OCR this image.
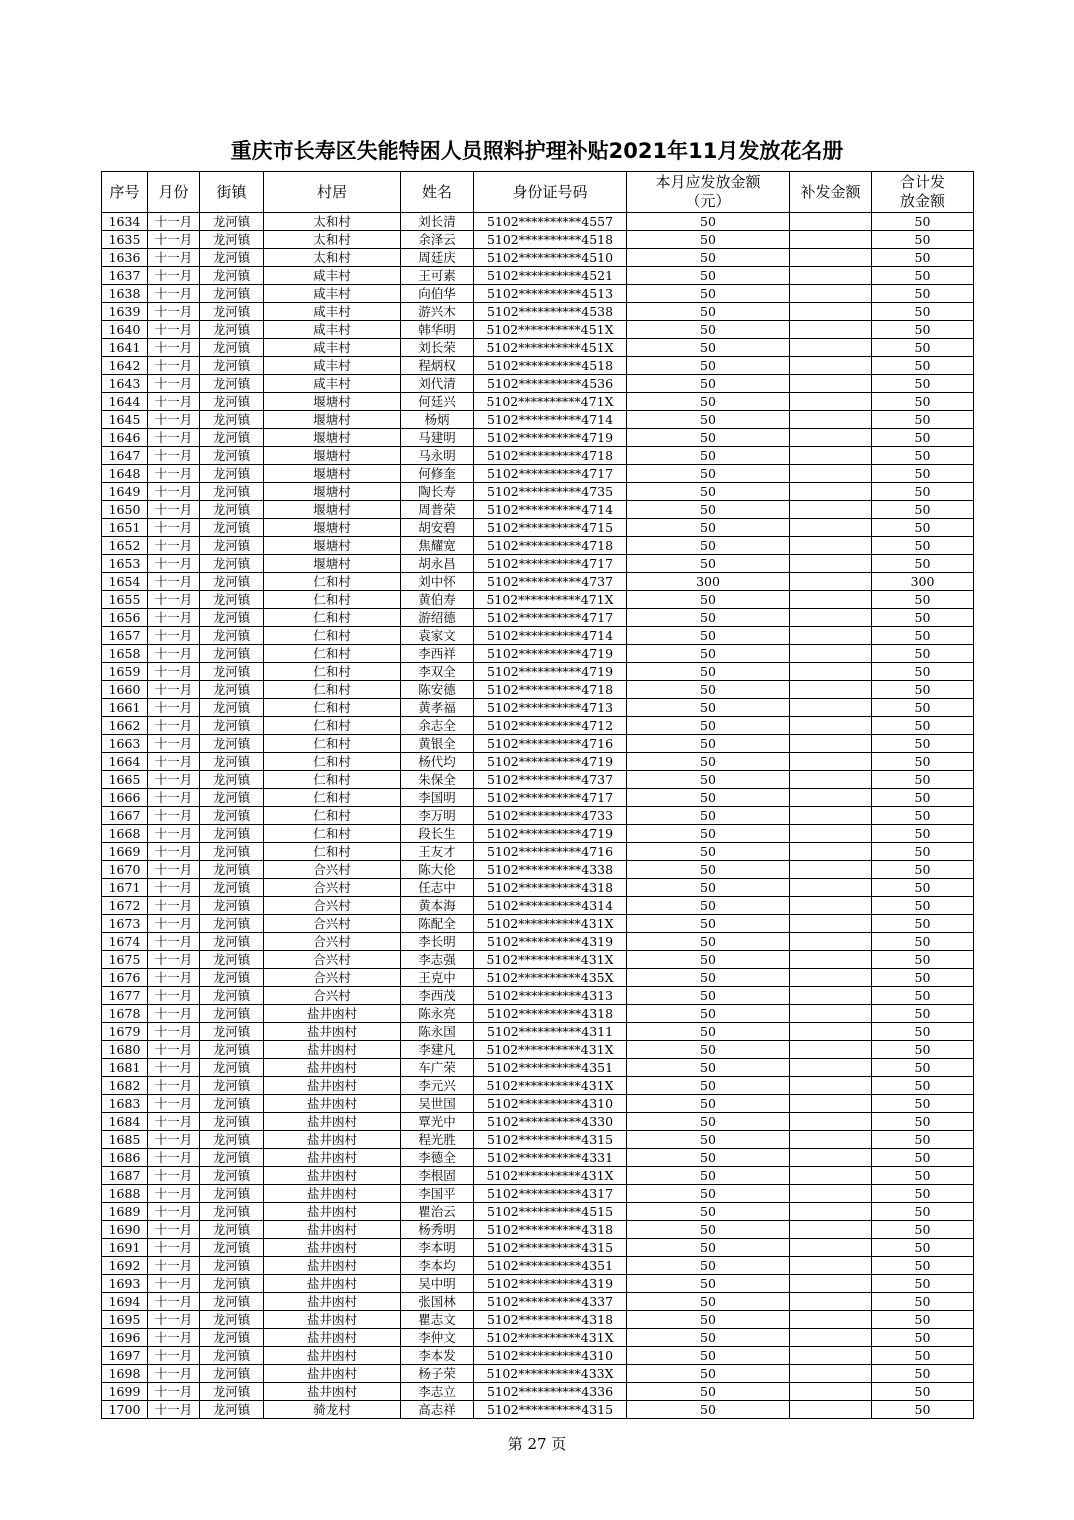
重庆市长寿区失能特困人员照料护理补贴2021年11月发放花名册
序号	月份	街镇	村居	姓名	身份证号码	本月应发放金额（元）	补发金额	合计发放金额
1634	十一月	龙河镇	太和村	刘长清	5102**********4557	50		50
1635	十一月	龙河镇	太和村	余泽云	5102**********4518	50		50
1636	十一月	龙河镇	太和村	周廷庆	5102**********4510	50		50
1637	十一月	龙河镇	咸丰村	王可素	5102**********4521	50		50
1638	十一月	龙河镇	咸丰村	向伯华	5102**********4513	50		50
1639	十一月	龙河镇	咸丰村	游兴木	5102**********4538	50		50
1640	十一月	龙河镇	咸丰村	韩华明	5102**********451X	50		50
1641	十一月	龙河镇	咸丰村	刘长荣	5102**********451X	50		50
1642	十一月	龙河镇	咸丰村	程炳权	5102**********4518	50		50
1643	十一月	龙河镇	咸丰村	刘代清	5102**********4536	50		50
1644	十一月	龙河镇	堰塘村	何廷兴	5102**********471X	50		50
1645	十一月	龙河镇	堰塘村	杨炳	5102**********4714	50		50
1646	十一月	龙河镇	堰塘村	马建明	5102**********4719	50		50
1647	十一月	龙河镇	堰塘村	马永明	5102**********4718	50		50
1648	十一月	龙河镇	堰塘村	何修奎	5102**********4717	50		50
1649	十一月	龙河镇	堰塘村	陶长寿	5102**********4735	50		50
1650	十一月	龙河镇	堰塘村	周普荣	5102**********4714	50		50
1651	十一月	龙河镇	堰塘村	胡安碧	5102**********4715	50		50
1652	十一月	龙河镇	堰塘村	焦耀宽	5102**********4718	50		50
1653	十一月	龙河镇	堰塘村	胡永昌	5102**********4717	50		50
1654	十一月	龙河镇	仁和村	刘中怀	5102**********4737	300		300
1655	十一月	龙河镇	仁和村	黄伯寿	5102**********471X	50		50
1656	十一月	龙河镇	仁和村	游绍德	5102**********4717	50		50
1657	十一月	龙河镇	仁和村	袁家文	5102**********4714	50		50
1658	十一月	龙河镇	仁和村	李西祥	5102**********4719	50		50
1659	十一月	龙河镇	仁和村	李双全	5102**********4719	50		50
1660	十一月	龙河镇	仁和村	陈安德	5102**********4718	50		50
1661	十一月	龙河镇	仁和村	黄孝福	5102**********4713	50		50
1662	十一月	龙河镇	仁和村	余志全	5102**********4712	50		50
1663	十一月	龙河镇	仁和村	黄银全	5102**********4716	50		50
1664	十一月	龙河镇	仁和村	杨代均	5102**********4719	50		50
1665	十一月	龙河镇	仁和村	朱保全	5102**********4737	50		50
1666	十一月	龙河镇	仁和村	李国明	5102**********4717	50		50
1667	十一月	龙河镇	仁和村	李万明	5102**********4733	50		50
1668	十一月	龙河镇	仁和村	段长生	5102**********4719	50		50
1669	十一月	龙河镇	仁和村	王友才	5102**********4716	50		50
1670	十一月	龙河镇	合兴村	陈大伦	5102**********4338	50		50
1671	十一月	龙河镇	合兴村	任志中	5102**********4318	50		50
1672	十一月	龙河镇	合兴村	黄本海	5102**********4314	50		50
1673	十一月	龙河镇	合兴村	陈配全	5102**********431X	50		50
1674	十一月	龙河镇	合兴村	李长明	5102**********4319	50		50
1675	十一月	龙河镇	合兴村	李志强	5102**********431X	50		50
1676	十一月	龙河镇	合兴村	王克中	5102**********435X	50		50
1677	十一月	龙河镇	合兴村	李西茂	5102**********4313	50		50
1678	十一月	龙河镇	盐井凼村	陈永亮	5102**********4318	50		50
1679	十一月	龙河镇	盐井凼村	陈永国	5102**********4311	50		50
1680	十一月	龙河镇	盐井凼村	李建凡	5102**********431X	50		50
1681	十一月	龙河镇	盐井凼村	车广荣	5102**********4351	50		50
1682	十一月	龙河镇	盐井凼村	李元兴	5102**********431X	50		50
1683	十一月	龙河镇	盐井凼村	吴世国	5102**********4310	50		50
1684	十一月	龙河镇	盐井凼村	覃光中	5102**********4330	50		50
1685	十一月	龙河镇	盐井凼村	程光胜	5102**********4315	50		50
1686	十一月	龙河镇	盐井凼村	李德全	5102**********4331	50		50
1687	十一月	龙河镇	盐井凼村	李根固	5102**********431X	50		50
1688	十一月	龙河镇	盐井凼村	李国平	5102**********4317	50		50
1689	十一月	龙河镇	盐井凼村	瞿治云	5102**********4515	50		50
1690	十一月	龙河镇	盐井凼村	杨秀明	5102**********4318	50		50
1691	十一月	龙河镇	盐井凼村	李本明	5102**********4315	50		50
1692	十一月	龙河镇	盐井凼村	李本均	5102**********4351	50		50
1693	十一月	龙河镇	盐井凼村	吴中明	5102**********4319	50		50
1694	十一月	龙河镇	盐井凼村	张国林	5102**********4337	50		50
1695	十一月	龙河镇	盐井凼村	瞿志文	5102**********4318	50		50
1696	十一月	龙河镇	盐井凼村	李仲文	5102**********431X	50		50
1697	十一月	龙河镇	盐井凼村	李本发	5102**********4310	50		50
1698	十一月	龙河镇	盐井凼村	杨子荣	5102**********433X	50		50
1699	十一月	龙河镇	盐井凼村	李志立	5102**********4336	50		50
1700	十一月	龙河镇	骑龙村	高志祥	5102**********4315	50		50
第 27 页
